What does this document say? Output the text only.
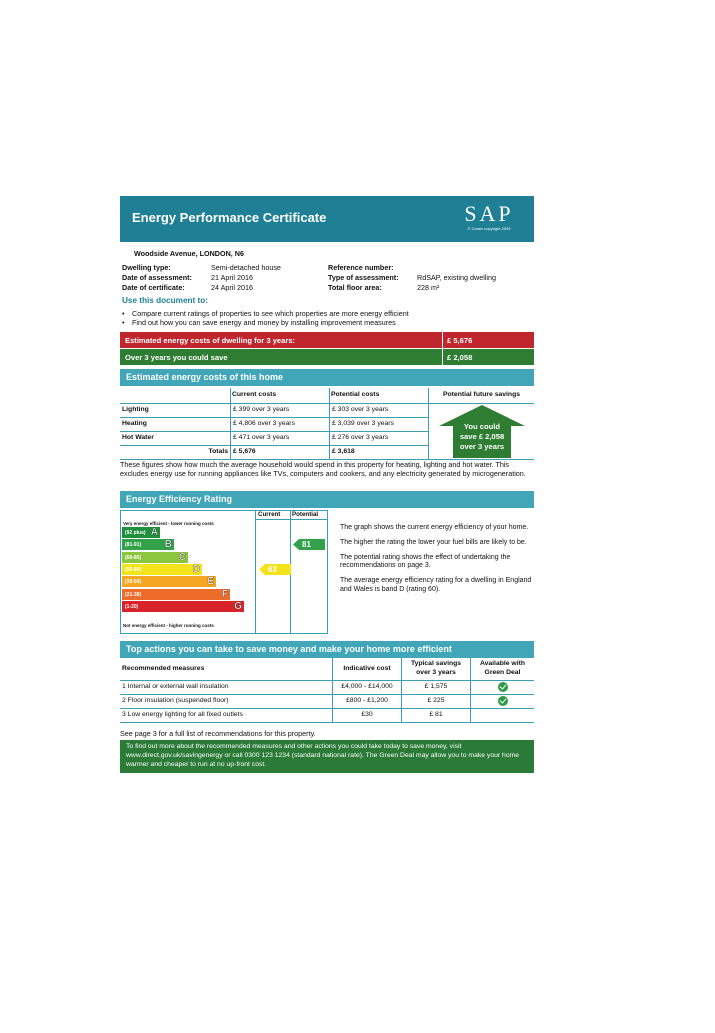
Energy Performance Certificate	SAP
© Crown copyright 2009
Woodside Avenue, LONDON, N6
Dwelling type:	Semi-detached house
Date of assessment:	21 April 2016
Date of certificate:	24 April 2016
Reference number:
Type of assessment:	RdSAP, existing dwelling
Total floor area:	228 m²
Use this document to:
• Compare current ratings of properties to see which properties are more energy efficient
• Find out how you can save energy and money by installing improvement measures
Estimated energy costs of dwelling for 3 years:	£ 5,676
Over 3 years you could save	£ 2,058
Estimated energy costs of this home
	Current costs	Potential costs	Potential future savings
Lighting	£ 399 over 3 years	£ 303 over 3 years	
Heating	£ 4,806 over 3 years	£ 3,039 over 3 years	
Hot Water	£ 471 over 3 years	£ 276 over 3 years	
Totals	£ 5,676	£ 3,618	
You could
save £ 2,058
over 3 years
These figures show how much the average household would spend in this property for heating, lighting and hot water. This excludes energy use for running appliances like TVs, computers and cookers, and any electricity generated by microgeneration.
Energy Efficiency Rating
Current Potential
Very energy efficient - lower running costs
(92 plus) A
(81-91) B
(69-80)	C
(55-68)	D
(39-54)	E
(21-38)	F
(1-20)	G
Not energy efficient - higher running costs
63
81
The graph shows the current energy efficiency of your home.
The higher the rating the lower your fuel bills are likely to be.
The potential rating shows the effect of undertaking the recommendations on page 3.
The average energy efficiency rating for a dwelling in England and Wales is band D (rating 60).
Top actions you can take to save money and make your home more efficient
Recommended measures	Indicative cost	Typical savings over 3 years	Available with Green Deal
1 Internal or external wall insulation	£4,000 - £14,000	£ 1,575	
2 Floor insulation (suspended floor)	£800 - £1,200	£ 225	
3 Low energy lighting for all fixed outlets	£30	£ 81	
See page 3 for a full list of recommendations for this property.
To find out more about the recommended measures and other actions you could take today to save money, visit www.direct.gov.uk/savingenergy or call 0300 123 1234 (standard national rate). The Green Deal may allow you to make your home warmer and cheaper to run at no up-front cost.
